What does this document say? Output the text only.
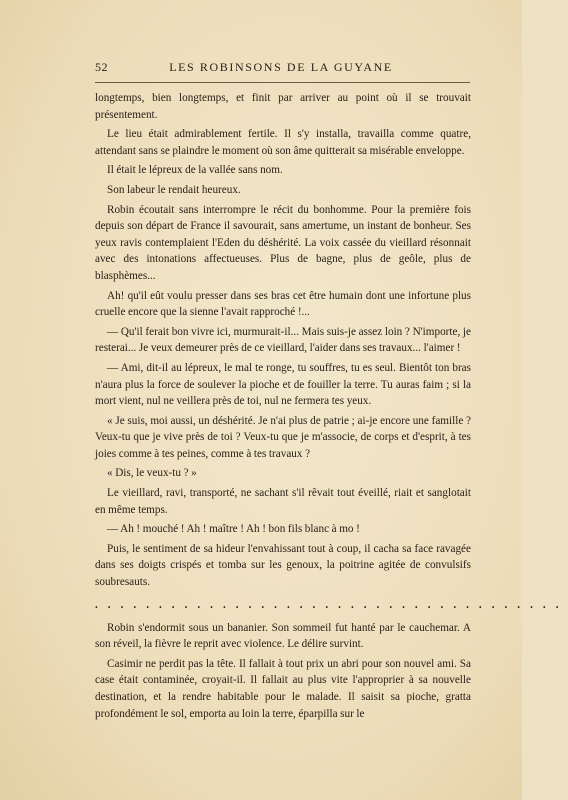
52	LES ROBINSONS DE LA GUYANE

longtemps, bien longtemps, et finit par arriver au point où il se trouvait présentement.

Le lieu était admirablement fertile. Il s'y installa, travailla comme quatre, attendant sans se plaindre le moment où son âme quitterait sa misérable enveloppe.

Il était le lépreux de la vallée sans nom.

Son labeur le rendait heureux.

Robin écoutait sans interrompre le récit du bonhomme. Pour la première fois depuis son départ de France il savourait, sans amertume, un instant de bonheur. Ses yeux ravis contemplaient l'Eden du déshérité. La voix cassée du vieillard résonnait avec des intonations affectueuses. Plus de bagne, plus de geôle, plus de blasphèmes...

Ah! qu'il eût voulu presser dans ses bras cet être humain dont une infortune plus cruelle encore que la sienne l'avait rapproché !...

— Qu'il ferait bon vivre ici, murmurait-il... Mais suis-je assez loin ? N'importe, je resterai... Je veux demeurer près de ce vieillard, l'aider dans ses travaux... l'aimer !

— Ami, dit-il au lépreux, le mal te ronge, tu souffres, tu es seul. Bientôt ton bras n'aura plus la force de soulever la pioche et de fouiller la terre. Tu auras faim ; si la mort vient, nul ne veillera près de toi, nul ne fermera tes yeux.

« Je suis, moi aussi, un déshérité. Je n'ai plus de patrie ; ai-je encore une famille ? Veux-tu que je vive près de toi ? Veux-tu que je m'associe, de corps et d'esprit, à tes joies comme à tes peines, comme à tes travaux ?

« Dis, le veux-tu ? »

Le vieillard, ravi, transporté, ne sachant s'il rêvait tout éveillé, riait et sanglotait en même temps.

— Ah ! mouché ! Ah ! maître ! Ah ! bon fils blanc à mo !

Puis, le sentiment de sa hideur l'envahissant tout à coup, il cacha sa face ravagée dans ses doigts crispés et tomba sur les genoux, la poitrine agitée de convulsifs soubresauts.

.....................................

Robin s'endormit sous un bananier. Son sommeil fut hanté par le cauchemar. A son réveil, la fièvre le reprit avec violence. Le délire survint.

Casimir ne perdit pas la tête. Il fallait à tout prix un abri pour son nouvel ami. Sa case était contaminée, croyait-il. Il fallait au plus vite l'approprier à sa nouvelle destination, et la rendre habitable pour le malade. Il saisit sa pioche, gratta profondément le sol, emporta au loin la terre, éparpilla sur le
